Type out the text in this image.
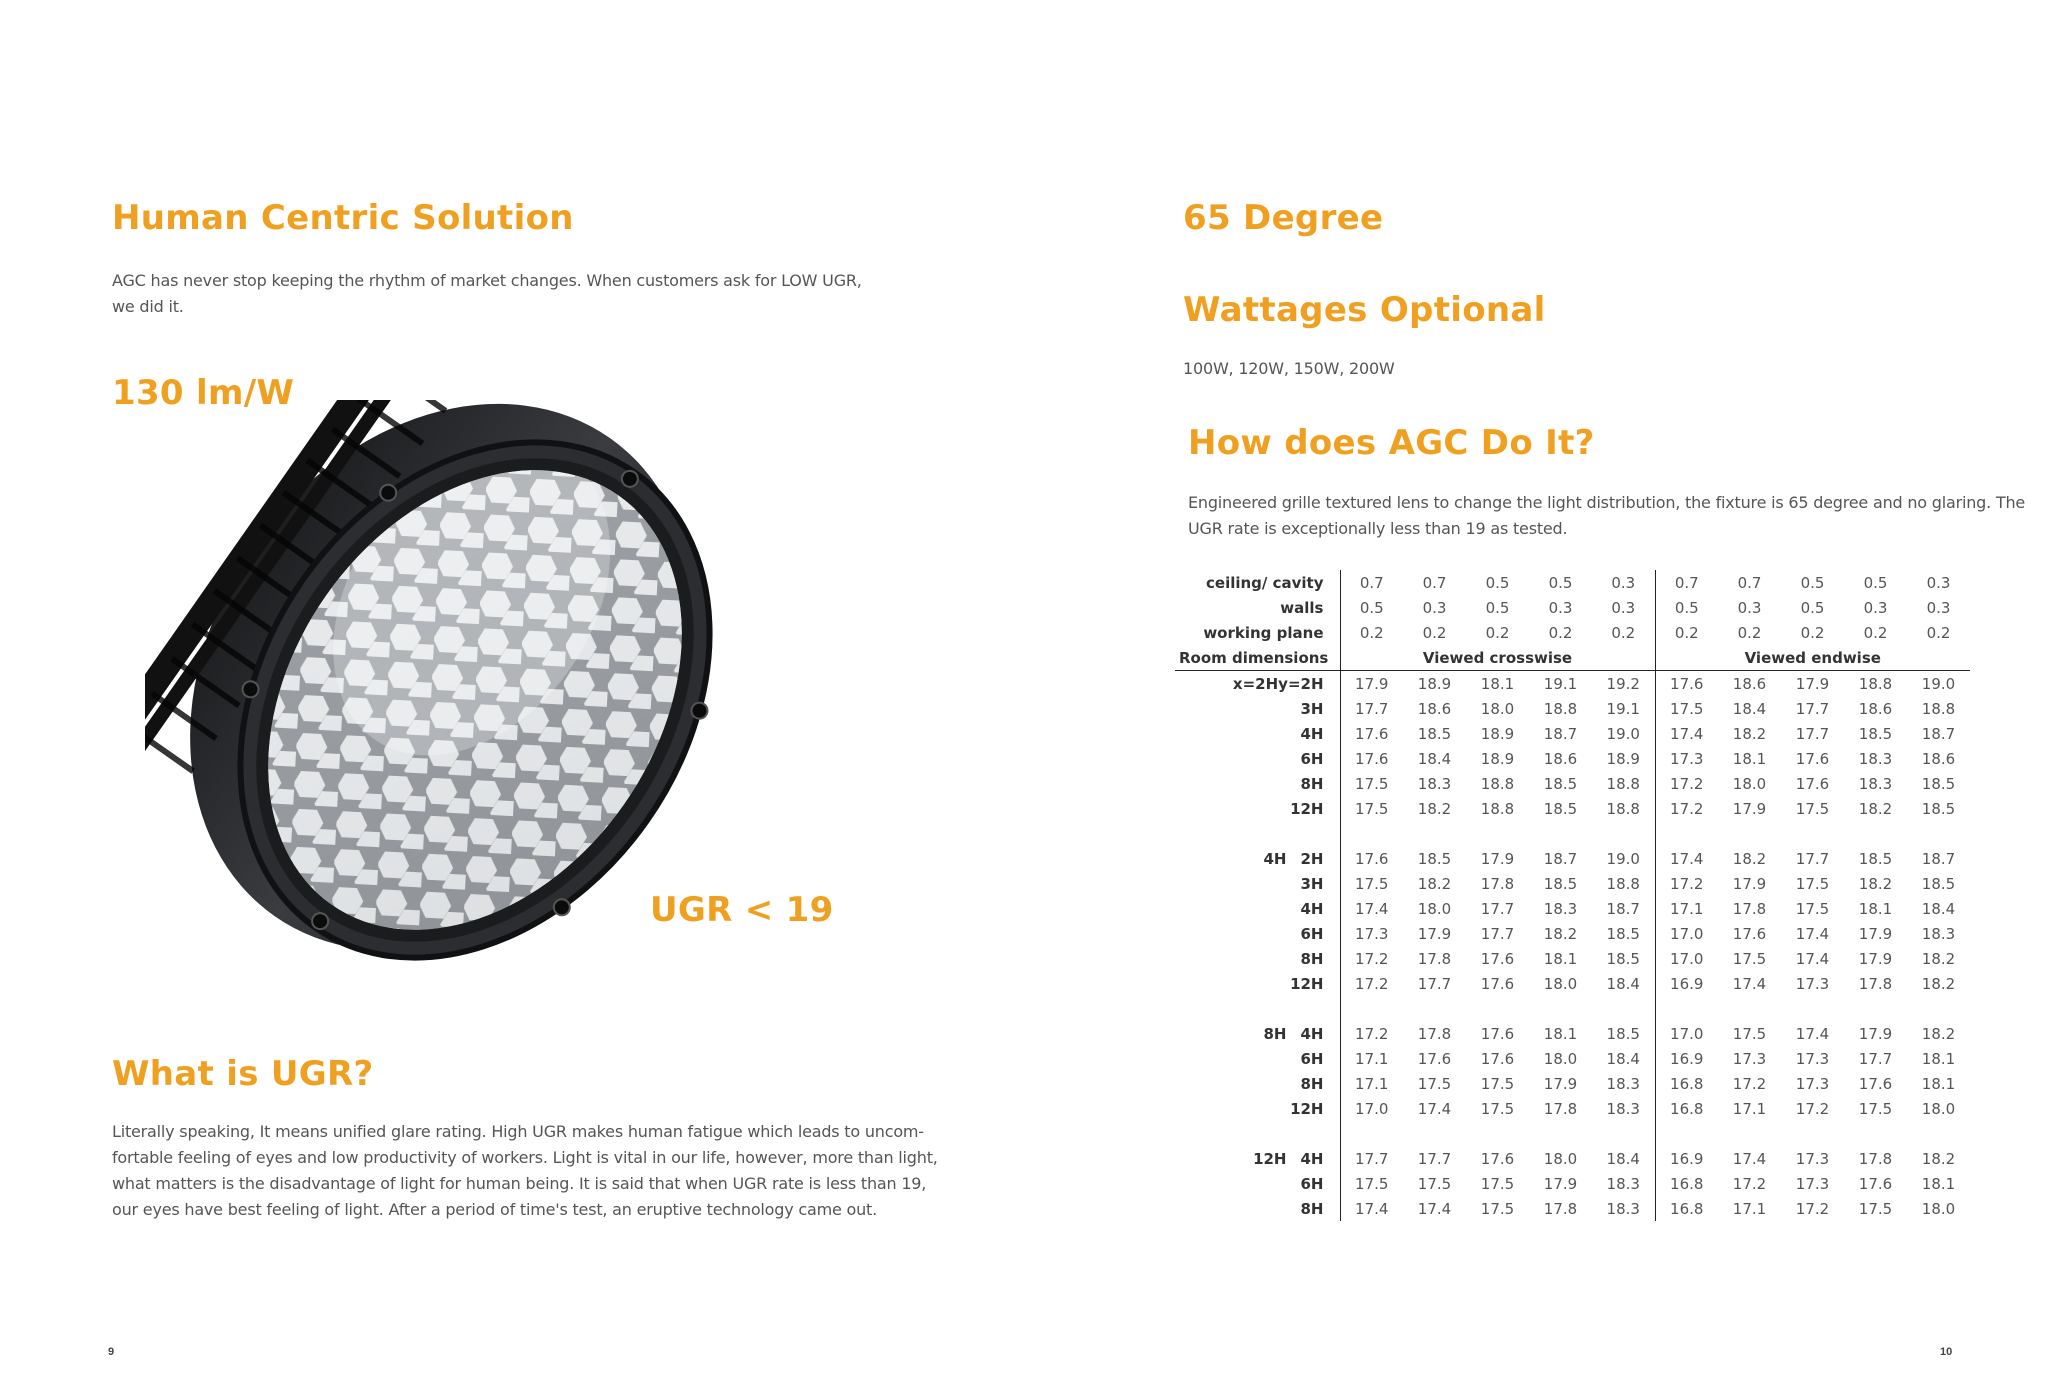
Human Centric Solution

AGC has never stop keeping the rhythm of market changes. When customers ask for LOW UGR,

we did it.

130 lm/W
UGR < 19
What is UGR?

Literally speaking, It means unified glare rating. High UGR makes human fatigue which leads to uncom-

fortable feeling of eyes and low productivity of workers. Light is vital in our life, however, more than light,

what matters is the disadvantage of light for human being. It is said that when UGR rate is less than 19,

our eyes have best feeling of light. After a period of time's test, an eruptive technology came out.

9
65 Degree
Wattages Optional

100W, 120W, 150W, 200W

How does AGC Do It?

Engineered grille textured lens to change the light distribution, the fixture is 65 degree and no glaring. The

UGR rate is exceptionally less than 19 as tested.

ceiling/ cavity	0.7	0.7	0.5	0.5	0.3	0.7	0.7	0.5	0.5	0.3
walls	0.5	0.3	0.5	0.3	0.3	0.5	0.3	0.5	0.3	0.3
working plane	0.2	0.2	0.2	0.2	0.2	0.2	0.2	0.2	0.2	0.2
Room dimensions	Viewed crosswise					Viewed endwise				
x=2Hy=2H	17.9	18.9	18.1	19.1	19.2	17.6	18.6	17.9	18.8	19.0
3H	17.7	18.6	18.0	18.8	19.1	17.5	18.4	17.7	18.6	18.8
4H	17.6	18.5	18.9	18.7	19.0	17.4	18.2	17.7	18.5	18.7
6H	17.6	18.4	18.9	18.6	18.9	17.3	18.1	17.6	18.3	18.6
8H	17.5	18.3	18.8	18.5	18.8	17.2	18.0	17.6	18.3	18.5
12H	17.5	18.2	18.8	18.5	18.8	17.2	17.9	17.5	18.2	18.5

4H 2H	17.6	18.5	17.9	18.7	19.0	17.4	18.2	17.7	18.5	18.7
3H	17.5	18.2	17.8	18.5	18.8	17.2	17.9	17.5	18.2	18.5
4H	17.4	18.0	17.7	18.3	18.7	17.1	17.8	17.5	18.1	18.4
6H	17.3	17.9	17.7	18.2	18.5	17.0	17.6	17.4	17.9	18.3
8H	17.2	17.8	17.6	18.1	18.5	17.0	17.5	17.4	17.9	18.2
12H	17.2	17.7	17.6	18.0	18.4	16.9	17.4	17.3	17.8	18.2

8H 4H	17.2	17.8	17.6	18.1	18.5	17.0	17.5	17.4	17.9	18.2
6H	17.1	17.6	17.6	18.0	18.4	16.9	17.3	17.3	17.7	18.1
8H	17.1	17.5	17.5	17.9	18.3	16.8	17.2	17.3	17.6	18.1
12H	17.0	17.4	17.5	17.8	18.3	16.8	17.1	17.2	17.5	18.0

12H 4H	17.7	17.7	17.6	18.0	18.4	16.9	17.4	17.3	17.8	18.2
6H	17.5	17.5	17.5	17.9	18.3	16.8	17.2	17.3	17.6	18.1
8H	17.4	17.4	17.5	17.8	18.3	16.8	17.1	17.2	17.5	18.0
10
